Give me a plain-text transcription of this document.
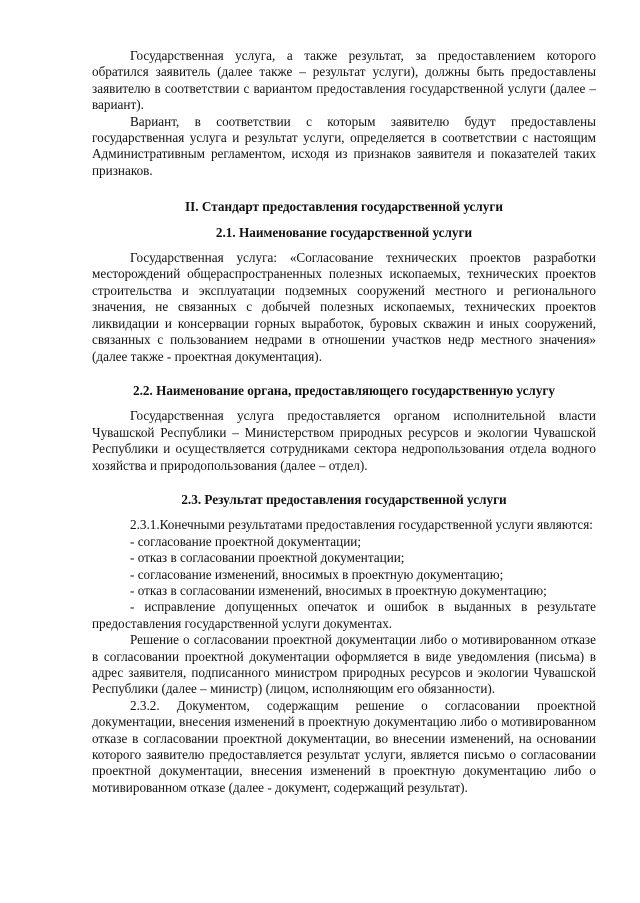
Государственная услуга, а также результат, за предоставлением которого обратился заявитель (далее также – результат услуги), должны быть предоставлены заявителю в соответствии с вариантом предоставления государственной услуги (далее – вариант).

Вариант, в соответствии с которым заявителю будут предоставлены государственная услуга и результат услуги, определяется в соответствии с настоящим Административным регламентом, исходя из признаков заявителя и показателей таких признаков.

II. Стандарт предоставления государственной услуги
2.1. Наименование государственной услуги

Государственная услуга: «Согласование технических проектов разработки месторождений общераспространенных полезных ископаемых, технических проектов строительства и эксплуатации подземных сооружений местного и регионального значения, не связанных с добычей полезных ископаемых, технических проектов ликвидации и консервации горных выработок, буровых скважин и иных сооружений, связанных с пользованием недрами в отношении участков недр местного значения» (далее также - проектная документация).

2.2. Наименование органа, предоставляющего государственную услугу

Государственная услуга предоставляется органом исполнительной власти Чувашской Республики – Министерством природных ресурсов и экологии Чувашской Республики и осуществляется сотрудниками сектора недропользования отдела водного хозяйства и природопользования (далее – отдел).

2.3. Результат предоставления государственной услуги

2.3.1.Конечными результатами предоставления государственной услуги являются:

- согласование проектной документации;

- отказ в согласовании проектной документации;

- согласование изменений, вносимых в проектную документацию;

- отказ в согласовании изменений, вносимых в проектную документацию;

- исправление допущенных опечаток и ошибок в выданных в результате предоставления государственной услуги документах.

Решение о согласовании проектной документации либо о мотивированном отказе в согласовании проектной документации оформляется в виде уведомления (письма) в адрес заявителя, подписанного министром природных ресурсов и экологии Чувашской Республики (далее – министр) (лицом, исполняющим его обязанности).

2.3.2. Документом, содержащим решение о согласовании проектной документации, внесения изменений в проектную документацию либо о мотивированном отказе в согласовании проектной документации, во внесении изменений, на основании которого заявителю предоставляется результат услуги, является письмо о согласовании проектной документации, внесения изменений в проектную документацию либо о мотивированном отказе (далее - документ, содержащий результат).
